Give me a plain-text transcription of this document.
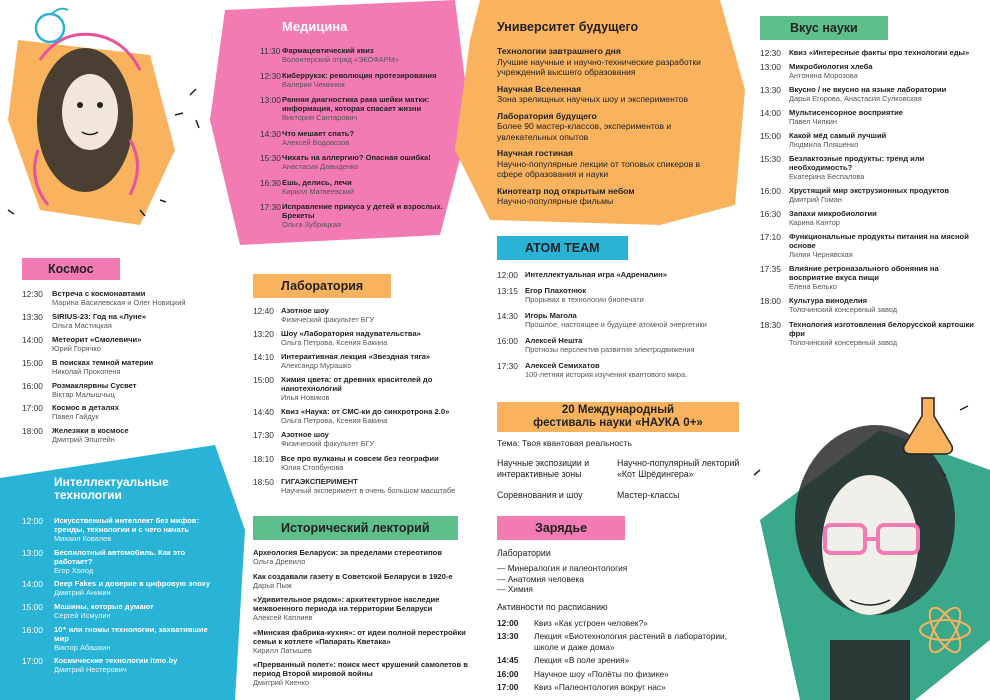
Медицина
11:30 Фармацевтический квиз
Волонтерский отряд «ЭКОФАРМ»
12:30 Киберрукзк: революция протезирования
Валерия Чеминюк
13:00 Ранняя диагностика рака шейки матки: информация, которая спасает жизни
Виктория Сантарович
14:30 Что мешает спать?
Алексей Водовозов
15:30 Чихать на аллергию? Опасная ошибка!
Анастасия Давыденко
16:30 Ешь, делись, лечи
Кирилл Матвеевский
17:30 Исправление прикуса у детей и взрослых. Брекеты
Ольга Зубрицкая
Университет будущего
Технологии завтрашнего дня
Лучшие научные и научно-технические разработки учреждений высшего образования
Научная Вселенная
Зона зрелищных научных шоу и экспериментов
Лаборатория будущего
Более 90 мастер-классов, экспериментов и увлекательных опытов
Научная гостиная
Научно-популярные лекции от топовых спикеров в сфере образования и науки
Кинотеатр под открытым небом
Научно-популярные фильмы
Вкус науки
12:30 Квиз «Интересные факты про технологии еды»
13:00 Микробиология хлеба
Антонина Морозова
13:30 Вкусно / не вкусно на языке лаборатории
Дарья Егорова, Анастасия Сулковская
14:00 Мультисенсорное восприятие
Павел Чипкин
15:00 Какой мёд самый лучший
Людмила Пляшенко
15:30 Безлактозные продукты: тренд или необходимость?
Екатерина Беспалова
16:00 Хрустящий мир экструзионных продуктов
Дмитрий Гоман
16:30 Запахи микробиологии
Карина Кантор
17:10 Функциональные продукты питания на мясной основе
Лилия Чернявская
17:35 Влияние ретроназального обоняния на восприятие вкуса пищи
Елена Белько
18:00 Культура виноделия
Толочинский консервный завод
18:30 Технология изготовления белорусской картошки фри
Толочинский консервный завод
Космос
12:30 Встреча с космонавтами
Марина Василевская и Олег Новицкий
13:30 SIRIUS-23: Год на «Луне»
Ольга Мастицкая
14:00 Метеорит «Смолевичи»
Юрий Горячко
15:00 В поисках темной материи
Николай Прокопеня
16:00 Розмаклярвны Сусвет
Віктар Малышчыц
17:00 Космос в деталях
Павел Гайдук
18:00 Железяки в космосе
Дмитрий Эпштейн
Лаборатория
12:40 Азотное шоу
Физический факультет БГУ
13:20 Шоу «Лаборатория надувательства»
Ольга Петрова, Ксения Бакина
14:10 Интерактивная лекция «Звездная тяга»
Александр Мурашко
15:00 Химия цвета: от древних красителей до нанотехнологий
Илья Новиков
14:40 Квиз «Наука: от СМС-ки до синхротрона 2.0»
Ольга Петрова, Ксения Бакина
17:30 Азотное шоу
Физический факультет БГУ
18:10 Все про вулканы и совсем без географии
Юлия Стопбунова
18:50 ГИГАЭКСПЕРИМЕНТ
Научный эксперимент в очень большом масштабе
ATOM TEAM
12:00 Интеллектуальная игра «Адреналин»
13:15 Егор Плахотнюк
Прорывах в технологии биопечати
14:30 Игорь Магола
Прошлое, настоящее и будущее атомной энергетики
16:00 Алексей Нешта
Прогнозы перспектив развития электродвижения
17:30 Алексей Семихатов
100-летняя история изучения квантового мира.
20 Международный
фестиваль науки «НАУКА 0+»
Тема: Твоя квантовая реальность
Научные экспозиции и интерактивные зоны
Научно-популярный лекторий «Кот Шрёдингера»
Соревнования и шоу	Мастер-классы
Интеллектуальные
технологии
12:00 Искусственный интеллект без мифов: тренды, технологии и с чего начать
Михаил Ковалев
13:00 Беспилотный автомобиль. Как это работает?
Егор Холод
14:00 Deep Fakes и доверие в цифровую эпоху
Дмитрий Аникин
15:00 Машины, которые думают
Сергей Исмулин
16:00 10⁺ или гномы технологии, захватившие мир
Виктор Абашкин
17:00 Космические технологии itmo.by
Дмитрий Нестерович
Исторический лекторий
Археология Беларуси: за пределами стереотипов
Ольга Древило
Как создавали газету в Советской Беларуси в 1920-е
Дарья Пыж
«Удивительное рядом»: архитектурное наследие межвоенного периода на территории Беларуси
Алексей Каплиев
«Минская фабрика-кухня»: от идеи полной перестройки семьи к котлете «Папарать Кветака»
Кирилл Латышев
«Прерванный полет»: поиск мест крушений самолетов в период Второй мировой войны
Дмитрий Киенко
Зарядье
Лаборатории
— Минералогия и палеонтология
— Анатомия человека
— Химия
Активности по расписанию
12:00 Квиз «Как устроен человек?»
13:30 Лекция «Биотехнология растений в лаборатории, школе и даже дома»
14:45 Лекция «В поле зрения»
16:00 Научное шоу «Полёты по физике»
17:00 Квиз «Палеонтология вокруг нас»
